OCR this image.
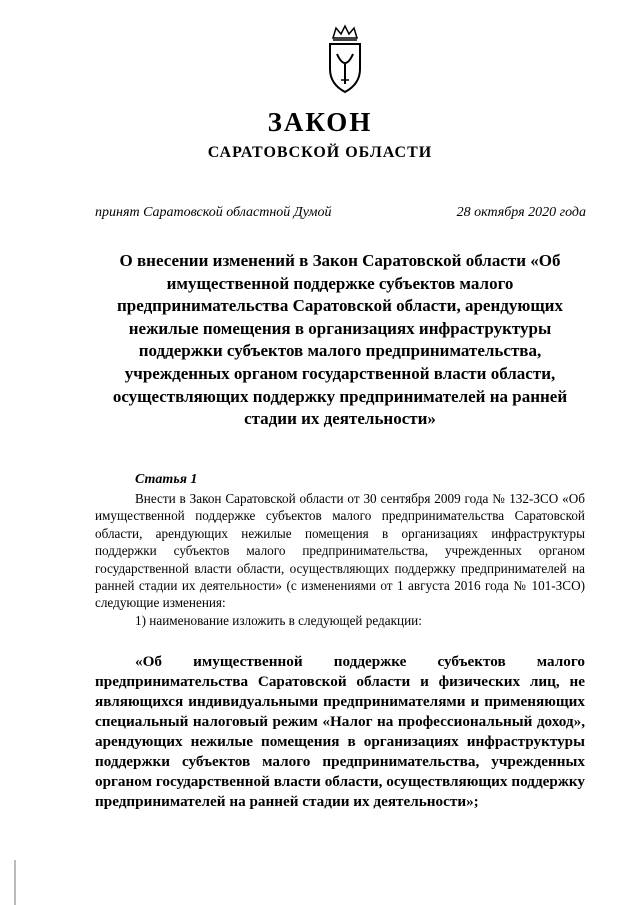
ЗАКОН
САРАТОВСКОЙ ОБЛАСТИ
принят Саратовской областной Думой	28 октября 2020 года
О внесении изменений в Закон Саратовской области «Об имущественной поддержке субъектов малого предпринимательства Саратовской области, арендующих нежилые помещения в организациях инфраструктуры поддержки субъектов малого предпринимательства, учрежденных органом государственной власти области, осуществляющих поддержку предпринимателей на ранней стадии их деятельности»
Статья 1

Внести в Закон Саратовской области от 30 сентября 2009 года № 132-ЗСО «Об имущественной поддержке субъектов малого предпринимательства Саратовской области, арендующих нежилые помещения в организациях инфраструктуры поддержки субъектов малого предпринимательства, учрежденных органом государственной власти области, осуществляющих поддержку предпринимателей на ранней стадии их деятельности» (с изменениями от 1 августа 2016 года № 101-ЗСО) следующие изменения:

1) наименование изложить в следующей редакции:

«Об имущественной поддержке субъектов малого предпринимательства Саратовской области и физических лиц, не являющихся индивидуальными предпринимателями и применяющих специальный налоговый режим «Налог на профессиональный доход», арендующих нежилые помещения в организациях инфраструктуры поддержки субъектов малого предпринимательства, учрежденных органом государственной власти области, осуществляющих поддержку предпринимателей на ранней стадии их деятельности»;
